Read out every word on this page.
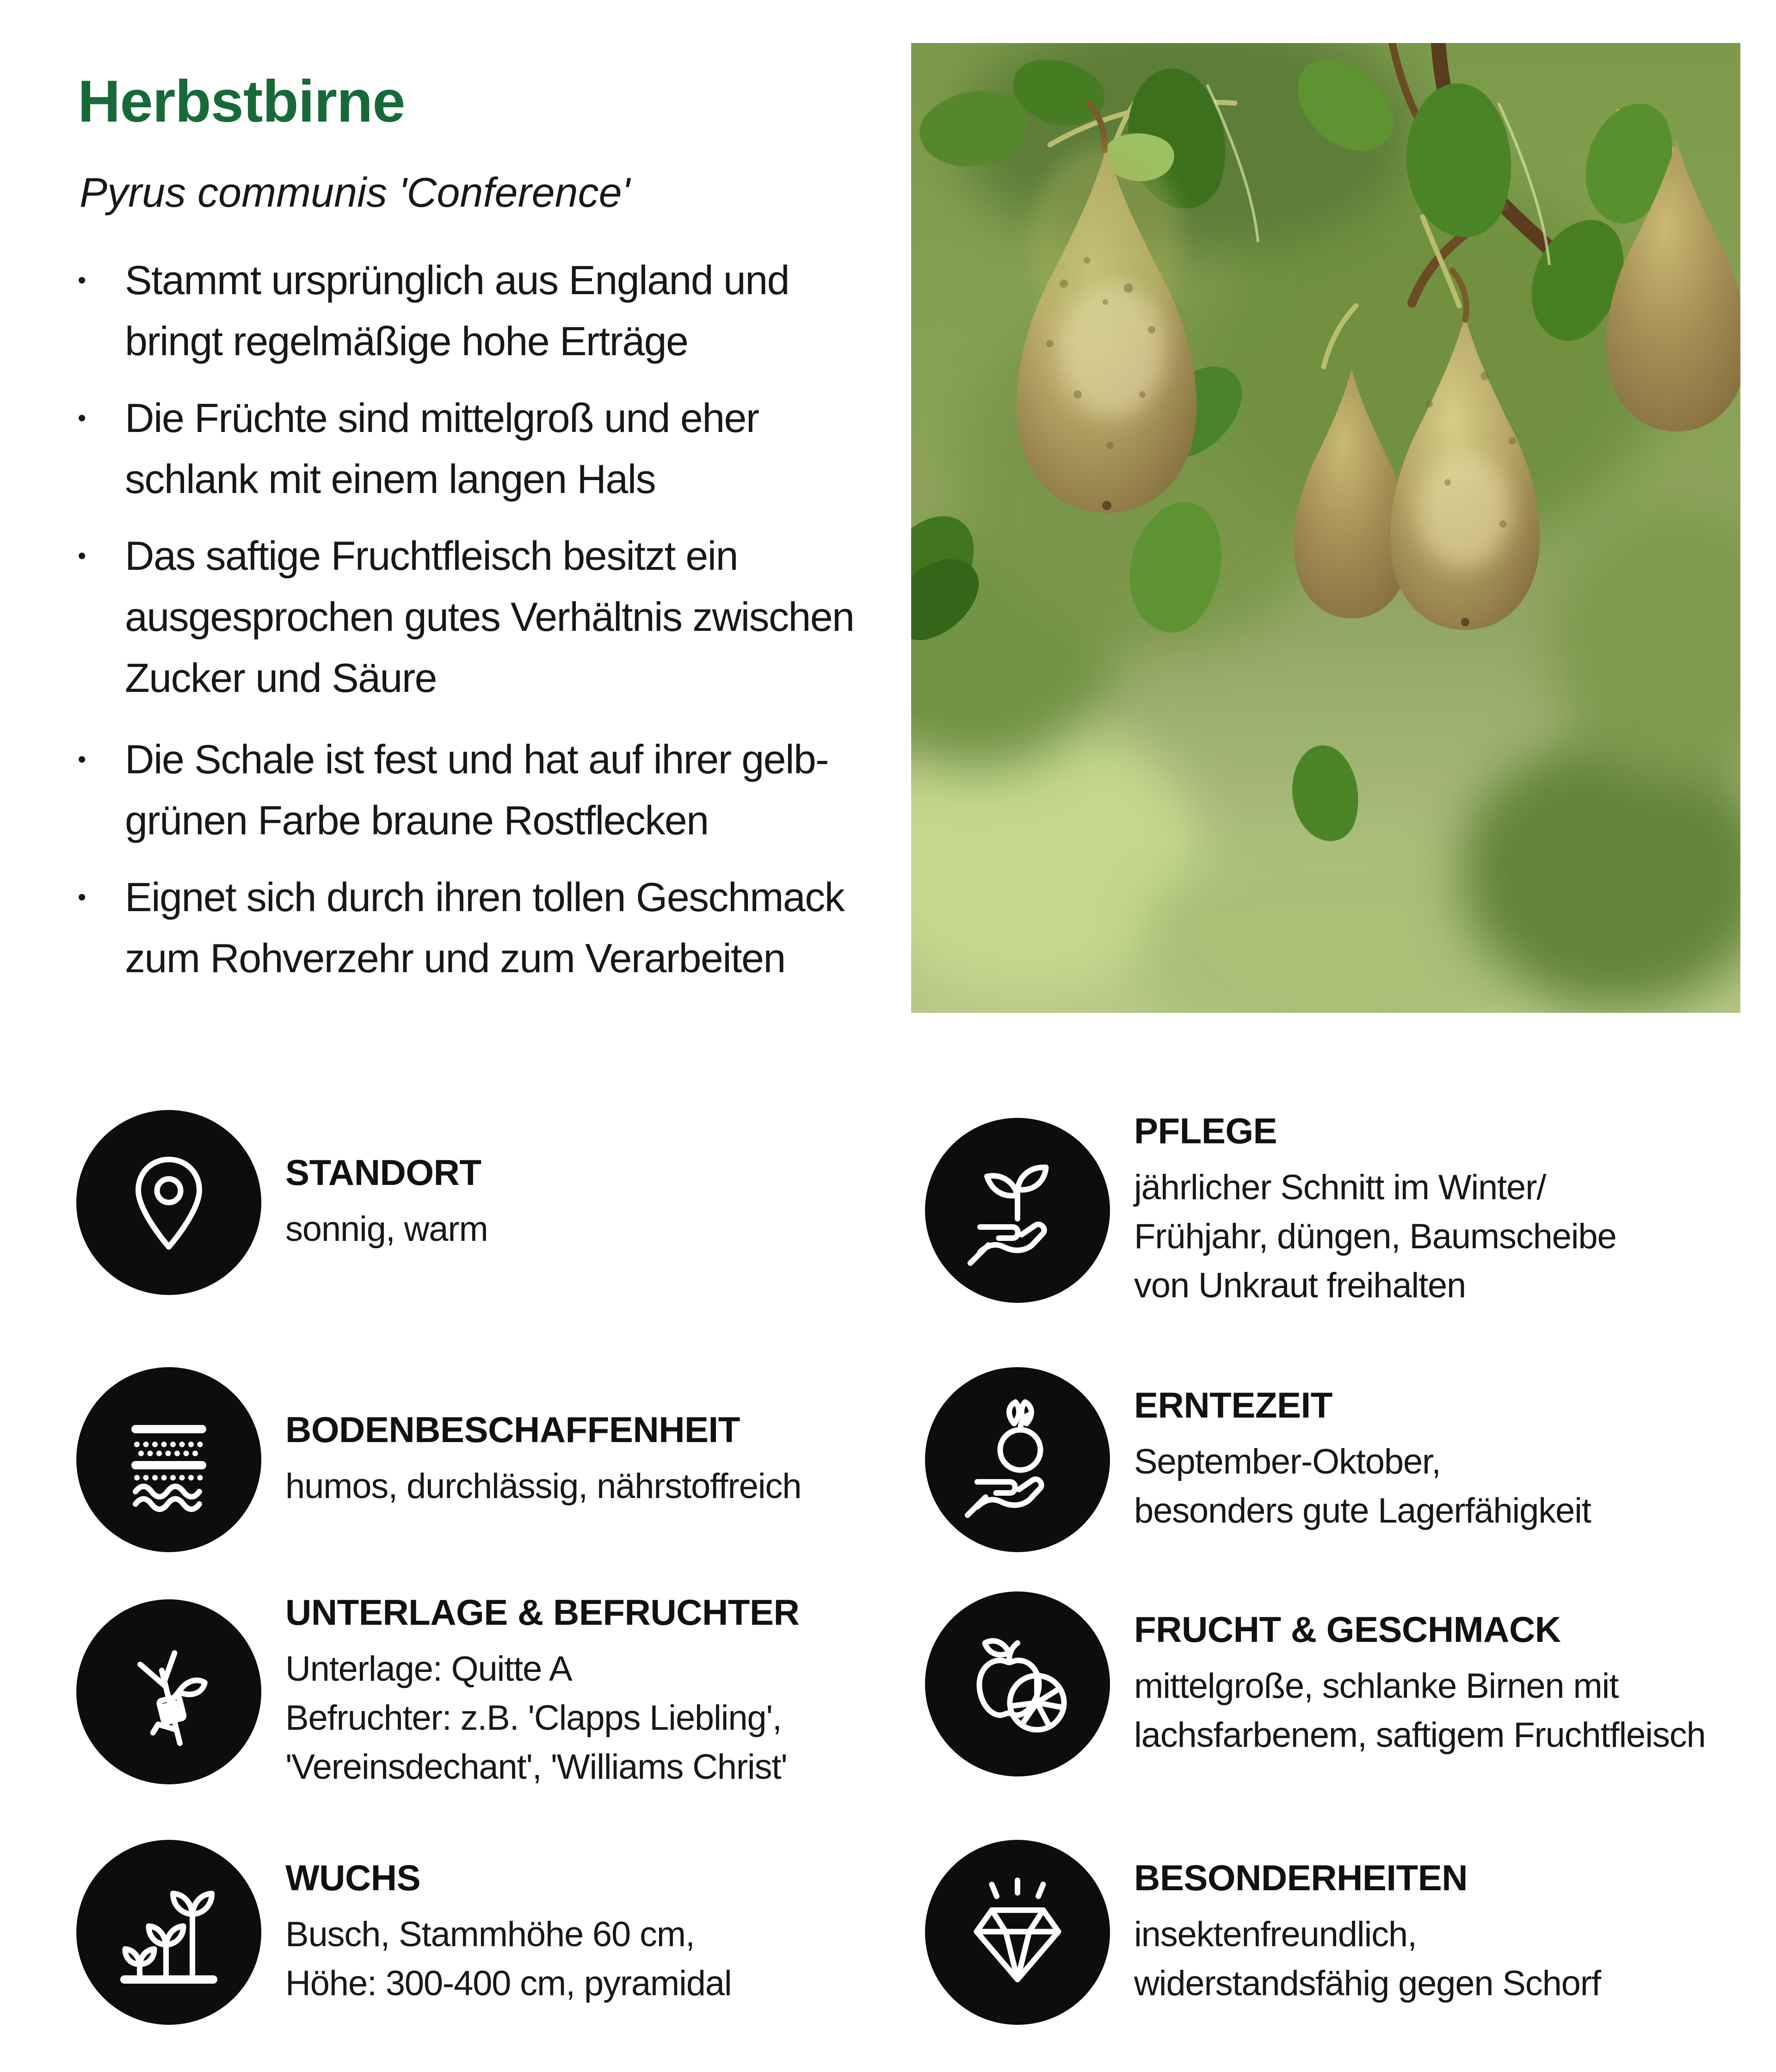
Herbstbirne
Pyrus communis 'Conference'
• Stammt ursprünglich aus England und
bringt regelmäßige hohe Erträge
• Die Früchte sind mittelgroß und eher
schlank mit einem langen Hals
• Das saftige Fruchtfleisch besitzt ein
ausgesprochen gutes Verhältnis zwischen
Zucker und Säure
• Die Schale ist fest und hat auf ihrer gelb-
grünen Farbe braune Rostflecken
• Eignet sich durch ihren tollen Geschmack
zum Rohverzehr und zum Verarbeiten
STANDORT
sonnig, warm
PFLEGE
jährlicher Schnitt im Winter/
Frühjahr, düngen, Baumscheibe
von Unkraut freihalten
BODENBESCHAFFENHEIT
humos, durchlässig, nährstoffreich
ERNTEZEIT
September-Oktober,
besonders gute Lagerfähigkeit
UNTERLAGE & BEFRUCHTER
Unterlage: Quitte A
Befruchter: z.B. 'Clapps Liebling',
'Vereinsdechant', 'Williams Christ'
FRUCHT & GESCHMACK
mittelgroße, schlanke Birnen mit
lachsfarbenem, saftigem Fruchtfleisch
WUCHS
Busch, Stammhöhe 60 cm,
Höhe: 300-400 cm, pyramidal
BESONDERHEITEN
insektenfreundlich,
widerstandsfähig gegen Schorf
